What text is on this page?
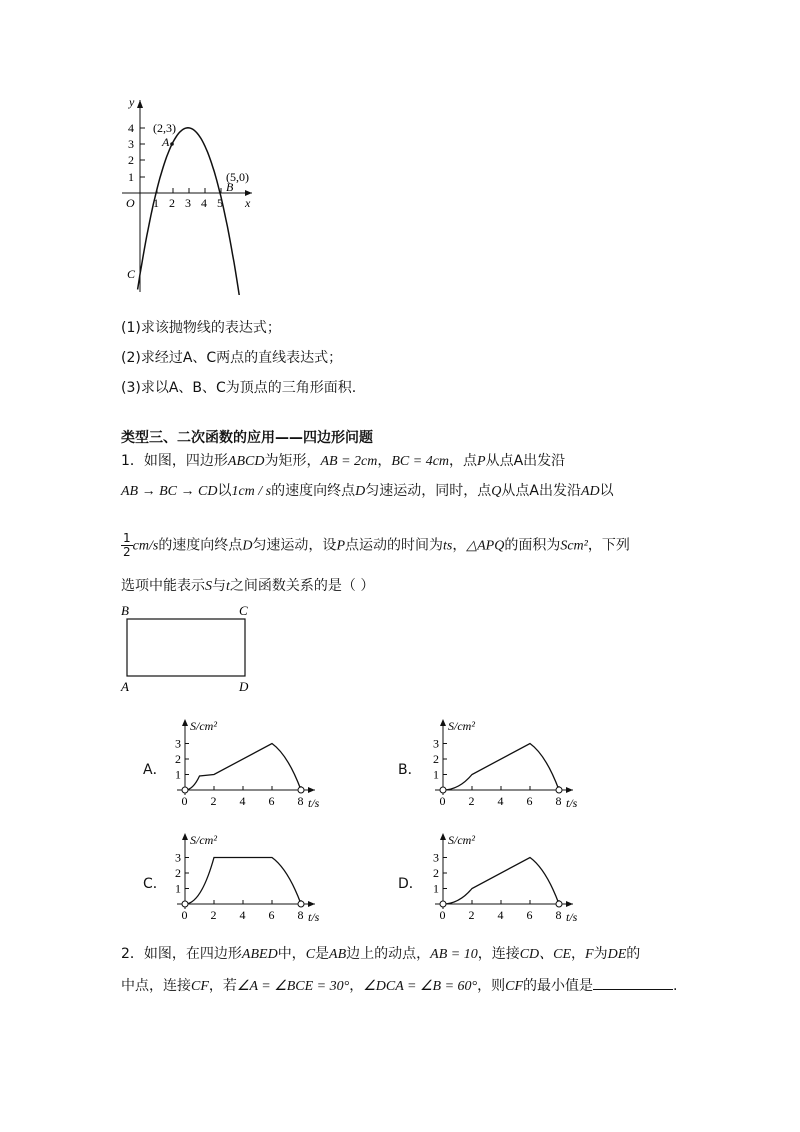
4
3
2
1
1 2 3 4 5
y
x
O
(2,3)
A
(5,0)
B
C
(1)求该抛物线的表达式；
(2)求经过A、C两点的直线表达式；
(3)求以A、B、C为顶点的三角形面积.
类型三、二次函数的应用——四边形问题
1．如图，四边形ABCD为矩形，AB = 2cm，BC = 4cm，点P从点A出发沿
AB → BC → CD以1cm / s的速度向终点D匀速运动，同时，点Q从点A出发沿AD以
$\frac{1}{2} cm/s$的速度向终点D匀速运动，设P点运动的时间为ts，△APQ的面积为Scm²，下列
选项中能表示S与t之间函数关系的是（ ）
B	C
A	D
A．
S/cm²
t/s
3
2
1
0 2 4 6 8
B．
S/cm²
t/s
3
2
1
0 2 4 6 8
C．
S/cm²
t/s
3
2
1
0 2 4 6 8
D．
S/cm²
t/s
3
2
1
0 2 4 6 8
2．如图，在四边形ABED中，C是AB边上的动点，AB = 10，连接CD、CE，F为DE的
中点，连接CF，若∠A = ∠BCE = 30°，∠DCA = ∠B = 60°，则CF的最小值是	.
